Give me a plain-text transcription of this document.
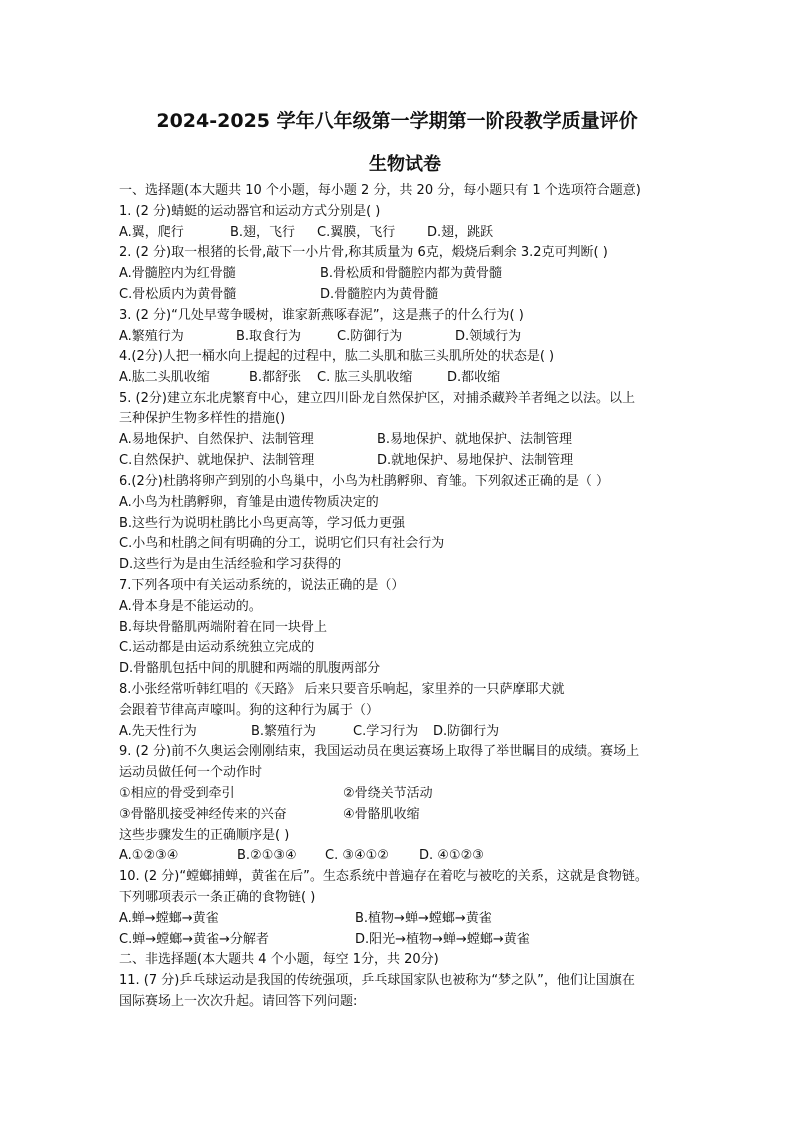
2024-2025 学年八年级第一学期第一阶段教学质量评价
生物试卷
一、选择题(本大题共 10 个小题，每小题 2 分，共 20 分，每小题只有 1 个选项符合题意)
1. (2 分)蜻蜓的运动器官和运动方式分别是( )
A.翼，爬行	B.翅，飞行 C.翼膜，飞行 D.翅，跳跃
2. (2 分)取一根猪的长骨,敲下一小片骨,称其质量为 6克，煅烧后剩余 3.2克可判断( )
A.骨髓腔内为红骨髓	B.骨松质和骨髓腔内都为黄骨髓
C.骨松质内为黄骨髓	D.骨髓腔内为黄骨髓
3. (2 分)“几处早莺争暖树，谁家新燕啄春泥”，这是燕子的什么行为( )
A.繁殖行为	B.取食行为	C.防御行为	D.领域行为
4.(2分)人把一桶水向上提起的过程中，肱二头肌和肱三头肌所处的状态是( )
A.肱二头肌收缩	B.都舒张 C. 肱三头肌收缩	D.都收缩
5. (2分)建立东北虎繁育中心，建立四川卧龙自然保护区，对捕杀藏羚羊者绳之以法。以上
三种保护生物多样性的措施()
A.易地保护、自然保护、法制管理	B.易地保护、就地保护、法制管理
C.自然保护、就地保护、法制管理	D.就地保护、易地保护、法制管理
6.(2分)杜鹃将卵产到别的小鸟巢中，小鸟为杜鹃孵卵、育雏。下列叙述正确的是（ ）
A.小鸟为杜鹃孵卵，育雏是由遗传物质决定的
B.这些行为说明杜鹃比小鸟更高等，学习低力更强
C.小鸟和杜鹃之间有明确的分工，说明它们只有社会行为
D.这些行为是由生活经验和学习获得的
7.下列各项中有关运动系统的，说法正确的是（）
A.骨本身是不能运动的。
B.每块骨骼肌两端附着在同一块骨上
C.运动都是由运动系统独立完成的
D.骨骼肌包括中间的肌腱和两端的肌腹两部分
8.小张经常听韩红唱的《天路》 后来只要音乐响起，家里养的一只萨摩耶犬就
会跟着节律高声嚎叫。狗的这种行为属于（）
A.先天性行为	B.繁殖行为	C.学习行为 D.防御行为
9. (2 分)前不久奥运会刚刚结束，我国运动员在奥运赛场上取得了举世瞩目的成绩。赛场上
运动员做任何一个动作时
①相应的骨受到牵引	②骨绕关节活动
③骨骼肌接受神经传来的兴奋	④骨骼肌收缩
这些步骤发生的正确顺序是( )
A.①②③④	B.②①③④ C. ③④①② D. ④①②③
10. (2 分)“螳螂捕蝉，黄雀在后”。生态系统中普遍存在着吃与被吃的关系，这就是食物链。
下列哪项表示一条正确的食物链( )
A.蝉→螳螂→黄雀	B.植物→蝉→螳螂→黄雀
C.蝉→螳螂→黄雀→分解者	D.阳光→植物→蝉→螳螂→黄雀
二、非选择题(本大题共 4 个小题，每空 1分，共 20分)
11. (7 分)乒乓球运动是我国的传统强项，乒乓球国家队也被称为“梦之队”，他们让国旗在
国际赛场上一次次升起。请回答下列问题:
